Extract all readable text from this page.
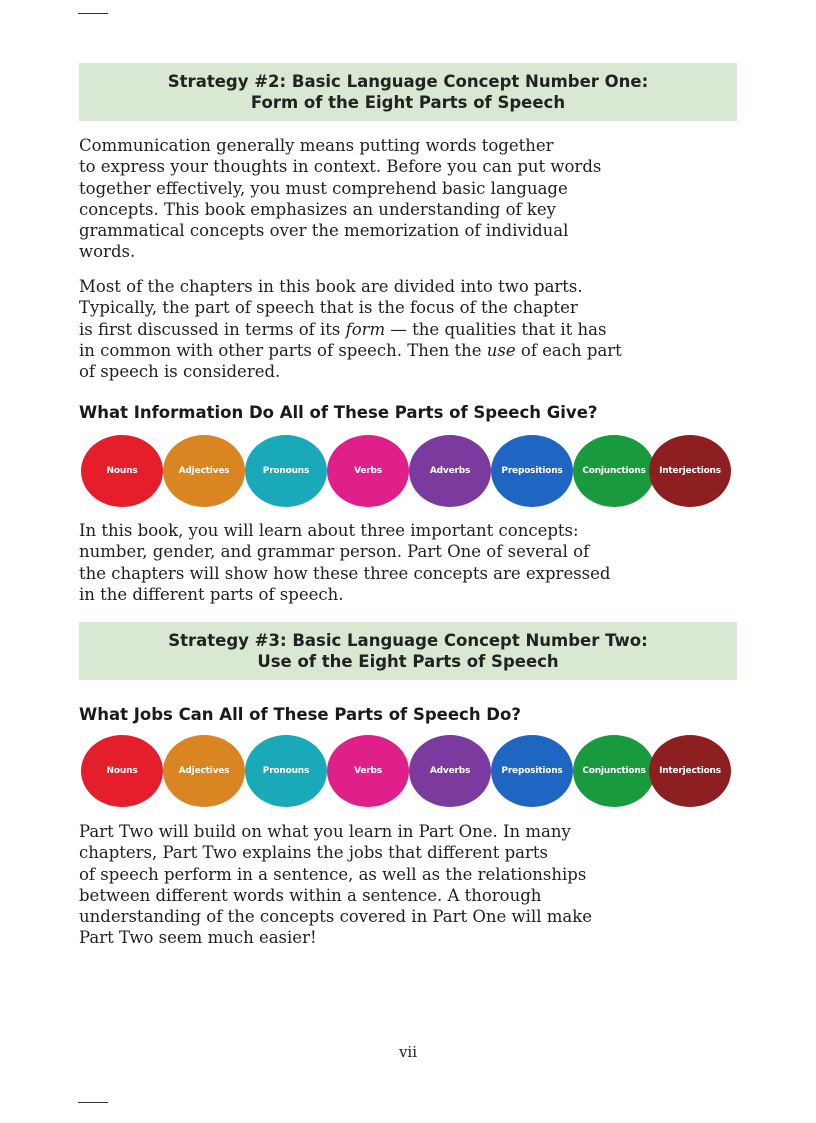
Strategy #2: Basic Language Concept Number One:
Form of the Eight Parts of Speech
Communication generally means putting words together
to express your thoughts in context. Before you can put words
together effectively, you must comprehend basic language
concepts. This book emphasizes an understanding of key
grammatical concepts over the memorization of individual
words.
Most of the chapters in this book are divided into two parts.
Typically, the part of speech that is the focus of the chapter
is first discussed in terms of its form — the qualities that it has
in common with other parts of speech. Then the use of each part
of speech is considered.
What Information Do All of These Parts of Speech Give?
Nouns	Adjectives	Pronouns	Verbs	Adverbs	Prepositions	Conjunctions	Interjections
In this book, you will learn about three important concepts:
number, gender, and grammar person. Part One of several of
the chapters will show how these three concepts are expressed
in the different parts of speech.
Strategy #3: Basic Language Concept Number Two:
Use of the Eight Parts of Speech
What Jobs Can All of These Parts of Speech Do?
Nouns	Adjectives	Pronouns	Verbs	Adverbs	Prepositions	Conjunctions	Interjections
Part Two will build on what you learn in Part One. In many
chapters, Part Two explains the jobs that different parts
of speech perform in a sentence, as well as the relationships
between different words within a sentence. A thorough
understanding of the concepts covered in Part One will make
Part Two seem much easier!
vii
